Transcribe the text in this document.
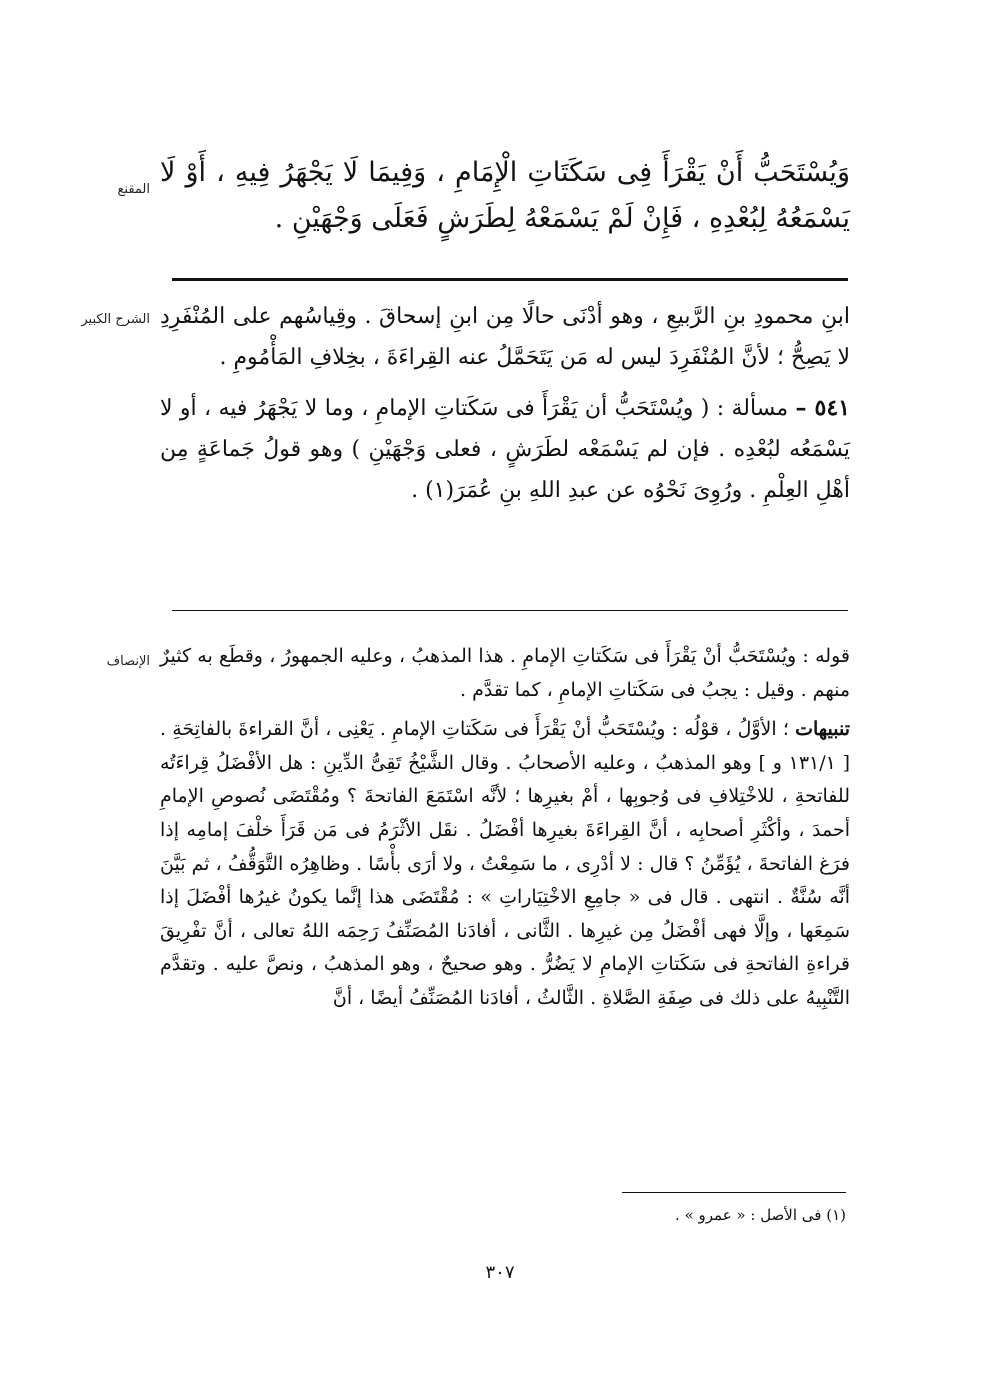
المقنع
وَيُسْتَحَبُّ أَنْ يَقْرَأَ فِى سَكَتَاتِ الْإِمَامِ ، وَفِيمَا لَا يَجْهَرُ فِيهِ ، أَوْ لَا يَسْمَعُهُ لِبُعْدِهِ ، فَإِنْ لَمْ يَسْمَعْهُ لِطَرَشٍ فَعَلَى وَجْهَيْنِ .
الشرح الكبير ابنِ محمودِ بنِ الرَّبيعِ ، وهو أدْنَى حالًا مِن ابنِ إسحاقَ . وقِياسُهم على المُنْفَرِدِ لا يَصِحُّ ؛ لأنَّ المُنْفَرِدَ ليس له مَن يَتَحَمَّلُ عنه القِراءَةَ ، بخِلافِ المَأْمُومِ .

٥٤١ – مسألة : ( ويُسْتَحَبُّ أن يَقْرَأَ فى سَكَتاتِ الإمامِ ، وما لا يَجْهَرُ فيه ، أو لا يَسْمَعُه لبُعْدِه . فإن لم يَسْمَعْه لطَرَشٍ ، فعلى وَجْهَيْنِ ) وهو قولُ جَماعَةٍ مِن أهْلِ العِلْمِ . ورُوِىَ نَحْوُه عن عبدِ اللهِ بنِ عُمَرَ(١) .

الإنصاف قوله : ويُسْتَحَبُّ أنْ يَقْرَأَ فى سَكَتاتِ الإمامِ . هذا المذهبُ ، وعليه الجمهورُ ، وقطَع به كثيرٌ منهم . وقيل : يجبُ فى سَكَتاتِ الإمامِ ، كما تقدَّم .

تنبيهات ؛ الأوَّلُ ، قوْلُه : ويُسْتَحَبُّ أنْ يَقْرَأَ فى سَكَتاتِ الإمامِ . يَعْنِى ، أنَّ القراءةَ بالفاتِحَةِ . [ ١٣١/١ و ] وهو المذهبُ ، وعليه الأصحابُ . وقال الشَّيْخُ تَقِىُّ الدِّينِ : هل الأفْضَلُ قِراءَتُه للفاتحةِ ، للاخْتِلافِ فى وُجوبِها ، أمْ بغيرِها ؛ لأنَّه اسْتَمَعَ الفاتحةَ ؟ ومُقْتَضَى نُصوصِ الإمامِ أحمدَ ، وأكْثَرِ أصحابِه ، أنَّ القِراءَةَ بغيرِها أفْضَلُ . نقَل الأثْرَمُ فى مَن قَرَأَ خلْفَ إمامِه إذا فرَغ الفاتحةَ ، يُؤَمِّنُ ؟ قال : لا أدْرِى ، ما سَمِعْتُ ، ولا أرَى بأْسًا . وظاهِرُه التَّوَقُّفُ ، ثم بَيَّنَ أنَّه سُنَّةٌ . انتهى . قال فى « جامِعِ الاخْتِيَاراتِ » : مُقْتَضَى هذا إنَّما يكونُ غيرُها أفْضَلَ إذا سَمِعَها ، وإلَّا فهى أفْضَلُ مِن غيرِها . الثَّانى ، أفادَنا المُصَنِّفُ رَحِمَه اللهُ تعالى ، أنَّ تفْرِيقَ قراءةِ الفاتحةِ فى سَكَتاتِ الإمامِ لا يَضُرُّ . وهو صحيحٌ ، وهو المذهبُ ، ونصَّ عليه . وتقدَّم التَّنْبِيهُ على ذلك فى صِفَةِ الصَّلاةِ . الثَّالثُ ، أفادَنا المُصَنِّفُ أيضًا ، أنَّ

(١) فى الأصل : « عمرو » .
٣٠٧
